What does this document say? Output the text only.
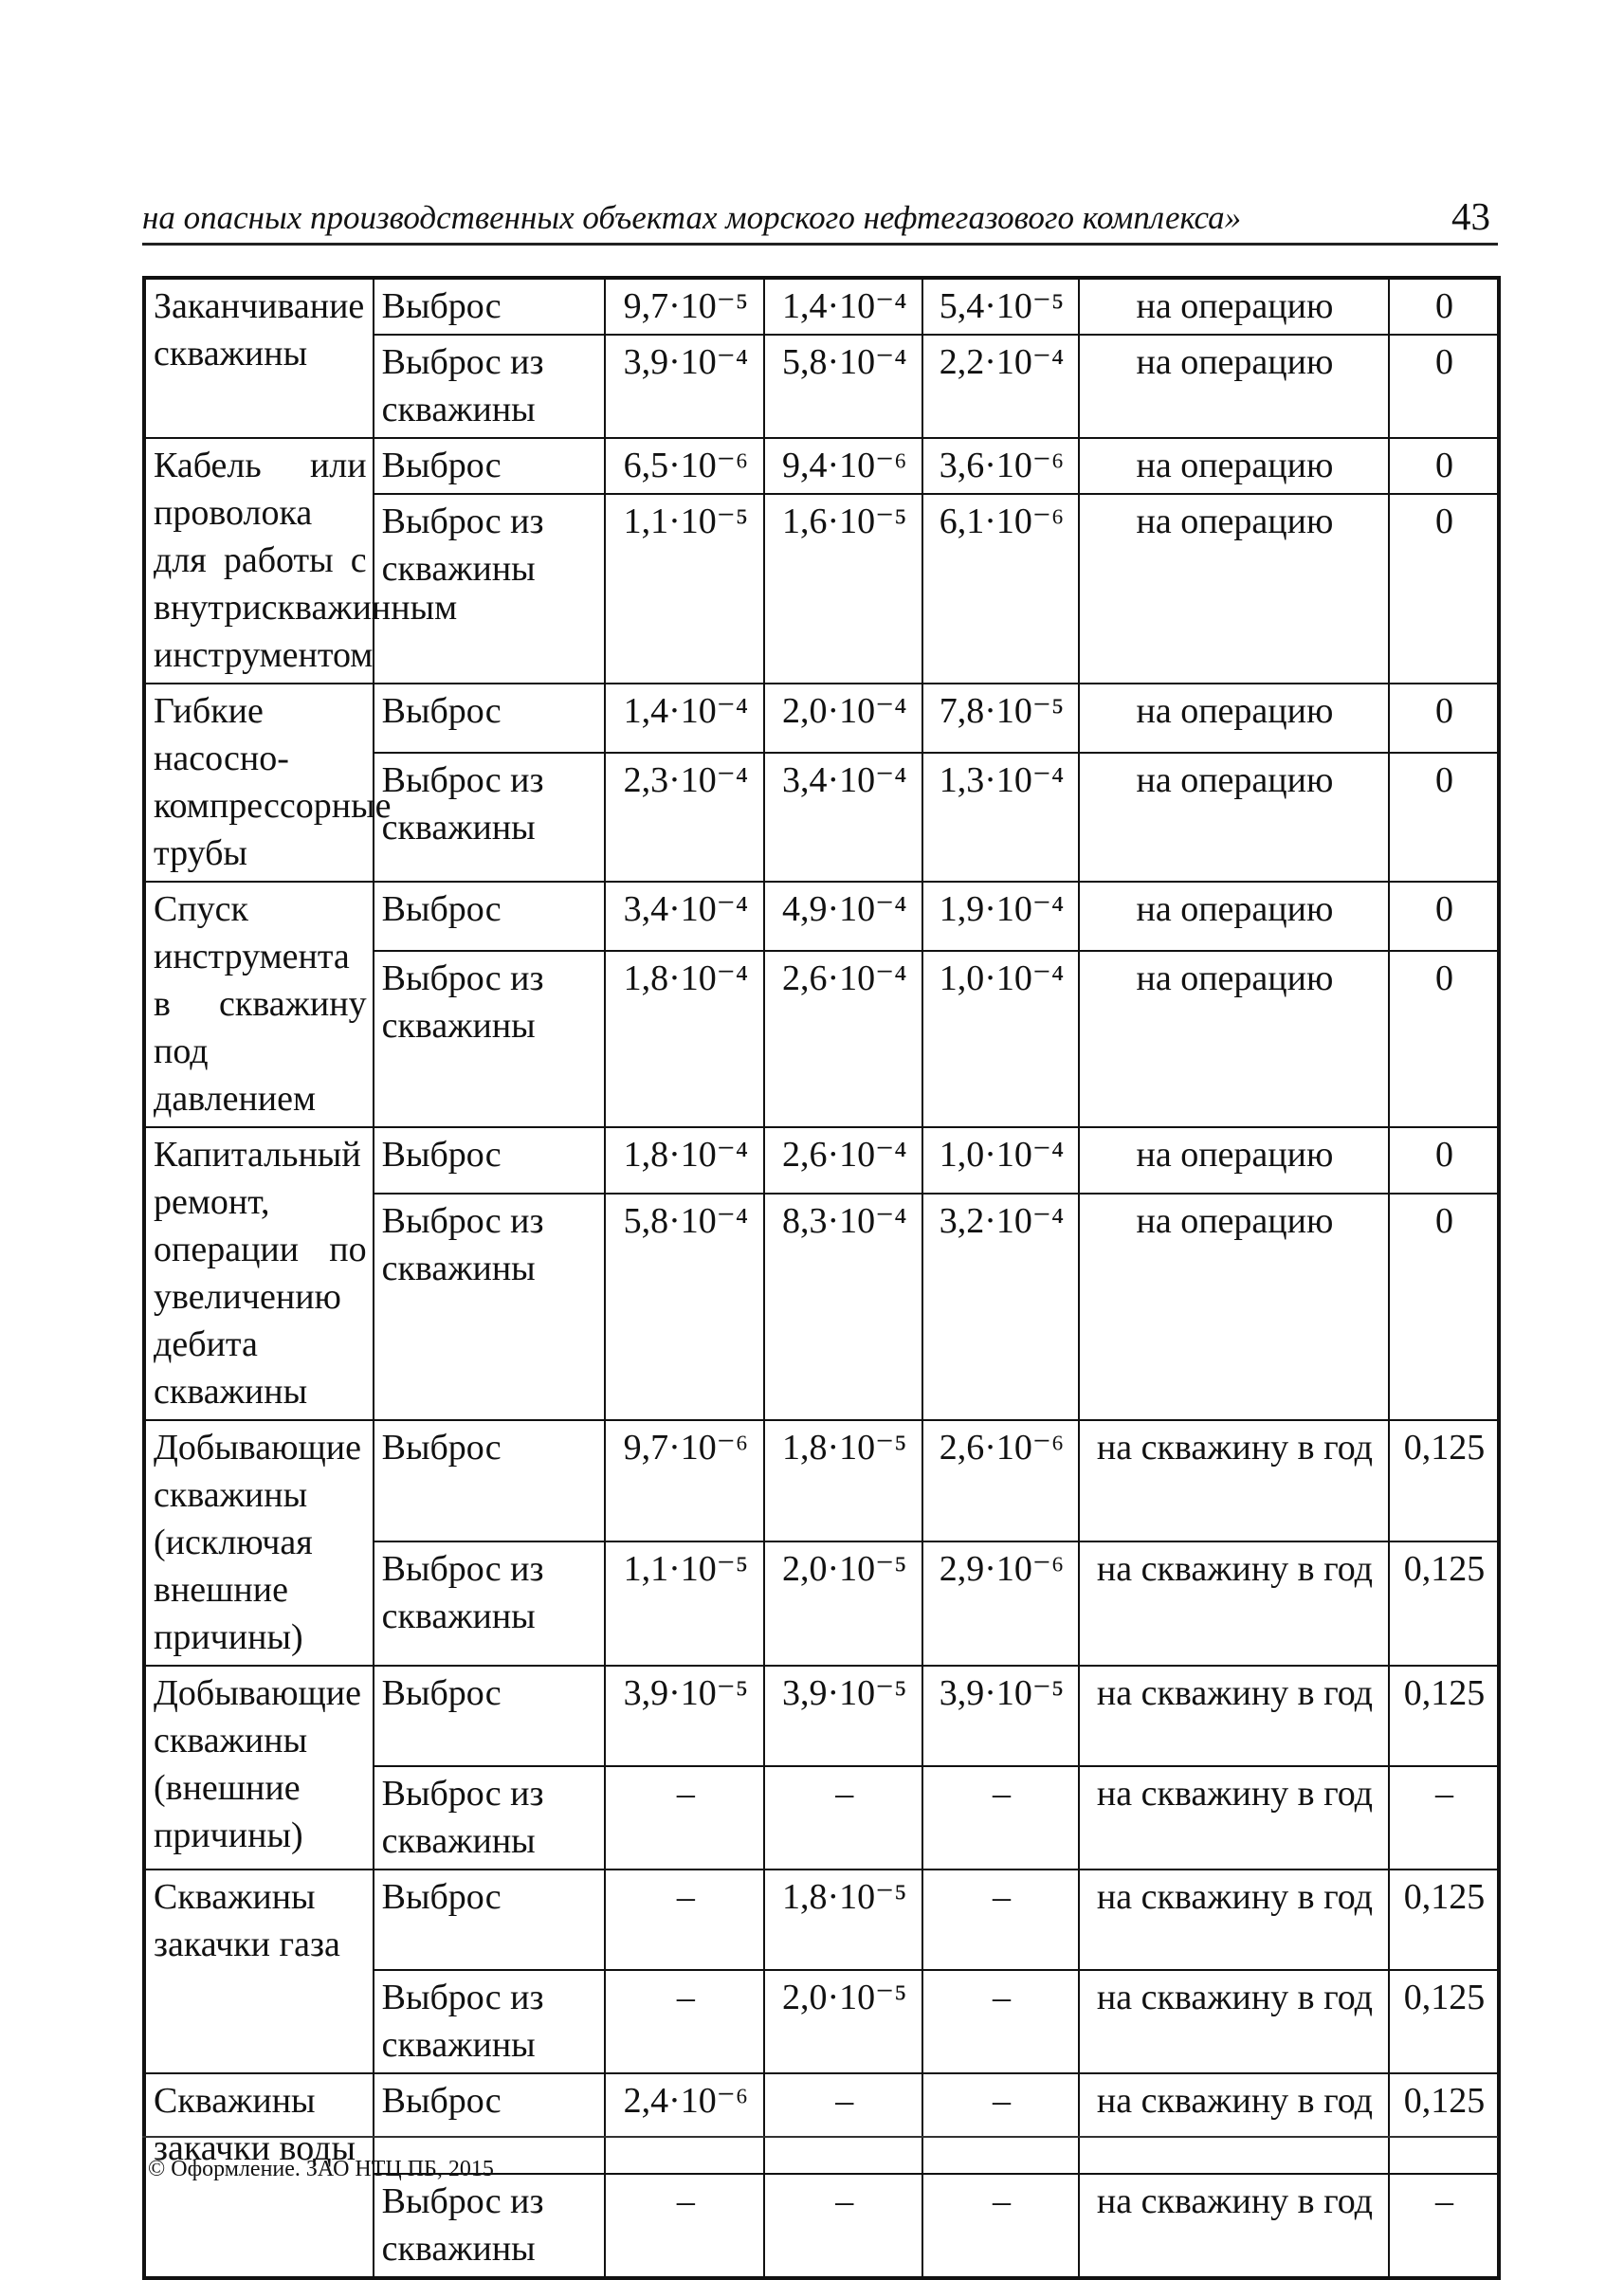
на опасных производственных объектах морского нефтегазового комплекса»	43
Заканчивание скважины	Выброс	9,7·10⁻⁵	1,4·10⁻⁴	5,4·10⁻⁵	на операцию	0
	Выброс из скважины	3,9·10⁻⁴	5,8·10⁻⁴	2,2·10⁻⁴	на операцию	0
Кабель или проволока для работы с внутрискважинным инструментом	Выброс	6,5·10⁻⁶	9,4·10⁻⁶	3,6·10⁻⁶	на операцию	0
	Выброс из скважины	1,1·10⁻⁵	1,6·10⁻⁵	6,1·10⁻⁶	на операцию	0
Гибкие насосно-компрессорные трубы	Выброс	1,4·10⁻⁴	2,0·10⁻⁴	7,8·10⁻⁵	на операцию	0
	Выброс из скважины	2,3·10⁻⁴	3,4·10⁻⁴	1,3·10⁻⁴	на операцию	0
Спуск инструмента в скважину под давлением	Выброс	3,4·10⁻⁴	4,9·10⁻⁴	1,9·10⁻⁴	на операцию	0
	Выброс из скважины	1,8·10⁻⁴	2,6·10⁻⁴	1,0·10⁻⁴	на операцию	0
Капитальный ремонт, операции по увеличению дебита скважины	Выброс	1,8·10⁻⁴	2,6·10⁻⁴	1,0·10⁻⁴	на операцию	0
	Выброс из скважины	5,8·10⁻⁴	8,3·10⁻⁴	3,2·10⁻⁴	на операцию	0
Добывающие скважины (исключая внешние причины)	Выброс	9,7·10⁻⁶	1,8·10⁻⁵	2,6·10⁻⁶	на скважину в год	0,125
	Выброс из скважины	1,1·10⁻⁵	2,0·10⁻⁵	2,9·10⁻⁶	на скважину в год	0,125
Добывающие скважины (внешние причины)	Выброс	3,9·10⁻⁵	3,9·10⁻⁵	3,9·10⁻⁵	на скважину в год	0,125
	Выброс из скважины	–	–	–	на скважину в год	–
Скважины закачки газа	Выброс	–	1,8·10⁻⁵	–	на скважину в год	0,125
	Выброс из скважины	–	2,0·10⁻⁵	–	на скважину в год	0,125
Скважины закачки воды	Выброс	2,4·10⁻⁶	–	–	на скважину в год	0,125
	Выброс из скважины	–	–	–	на скважину в год	–
© Оформление. ЗАО НТЦ ПБ, 2015
